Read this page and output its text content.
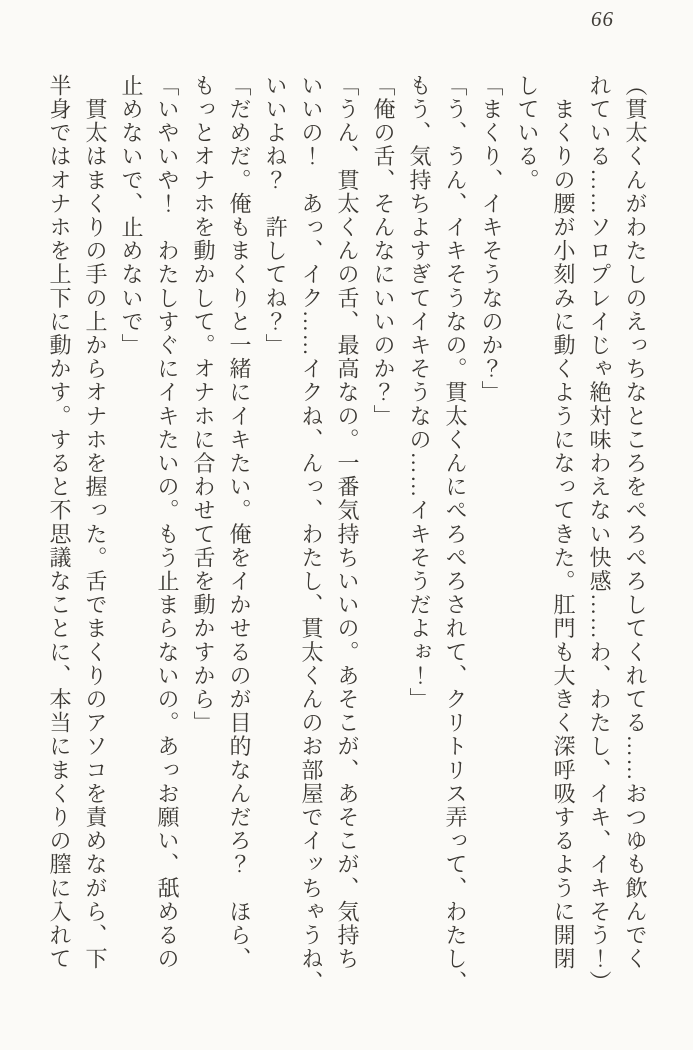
66

（貫太くんがわたしのえっちなところをぺろぺろしてくれてる……おつゆも飲んでく

れている……ソロプレイじゃ絶対味わえない快感……わ、わたし、イキ、イキそう！）

　まくりの腰が小刻みに動くようになってきた。肛門も大きく深呼吸するように開閉

している。

「まくり、イキそうなのか？」

「う、うん、イキそうなの。貫太くんにぺろぺろされて、クリトリス弄って、わたし、

もう、気持ちよすぎてイキそうなの……イキそうだよぉ！」

「俺の舌、そんなにいいのか？」

「うん、貫太くんの舌、最高なの。一番気持ちいいの。あそこが、あそこが、気持ち

いいの！　あっ、イク……イクね、んっ、わたし、貫太くんのお部屋でイッちゃうね、

いいよね？　許してね？」

「だめだ。俺もまくりと一緒にイキたい。俺をイかせるのが目的なんだろ？　ほら、

もっとオナホを動かして。オナホに合わせて舌を動かすから」

「いやいや！　わたしすぐにイキたいの。もう止まらないの。あっお願い、舐めるの

止めないで、止めないで」

　貫太はまくりの手の上からオナホを握った。舌でまくりのアソコを責めながら、下

半身ではオナホを上下に動かす。すると不思議なことに、本当にまくりの膣に入れて
